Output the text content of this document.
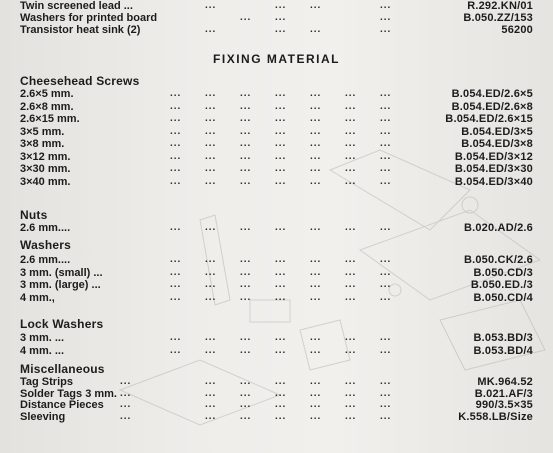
FIXING MATERIAL
Twin screened lead ...	...	... ...	...	R.292.KN/01
Washers for printed board	... ...	...	B.050.ZZ/153
Transistor heat sink (2)	...	... ...	...	56200
Cheesehead Screws
2.6×5 mm.	... ... ... ... ... ... ...	B.054.ED/2.6×5
2.6×8 mm.	... ... ... ... ... ... ...	B.054.ED/2.6×8
2.6×15 mm.	... ... ... ... ... ... ...	B.054.ED/2.6×15
3×5 mm.	... ... ... ... ... ... ...	B.054.ED/3×5
3×8 mm.	... ... ... ... ... ... ...	B.054.ED/3×8
3×12 mm.	... ... ... ... ... ... ...	B.054.ED/3×12
3×30 mm.	... ... ... ... ... ... ...	B.054.ED/3×30
3×40 mm.	... ... ... ... ... ... ...	B.054.ED/3×40
Nuts
2.6 mm....	... ... ... ... ... ... ...	B.020.AD/2.6
Washers
2.6 mm....	... ... ... ... ... ... ...	B.050.CK/2.6
3 mm. (small) ...	... ... ... ... ... ... ...	B.050.CD/3
3 mm. (large) ...	... ... ... ... ... ... ...	B.050.ED./3
4 mm.,	... ... ... ... ... ... ...	B.050.CD/4
Lock Washers
3 mm. ...	... ... ... ... ... ... ...	B.053.BD/3
4 mm. ...	... ... ... ... ... ... ...	B.053.BD/4
Miscellaneous
Tag Strips	...	... ... ... ... ... ...	MK.964.52
Solder Tags 3 mm. ...	... ... ... ... ... ...	B.021.AF/3
Distance Pieces ...	... ... ... ... ... ...	990/3.5×35
Sleeving	...	... ... ... ... ... ...	K.558.LB/Size
